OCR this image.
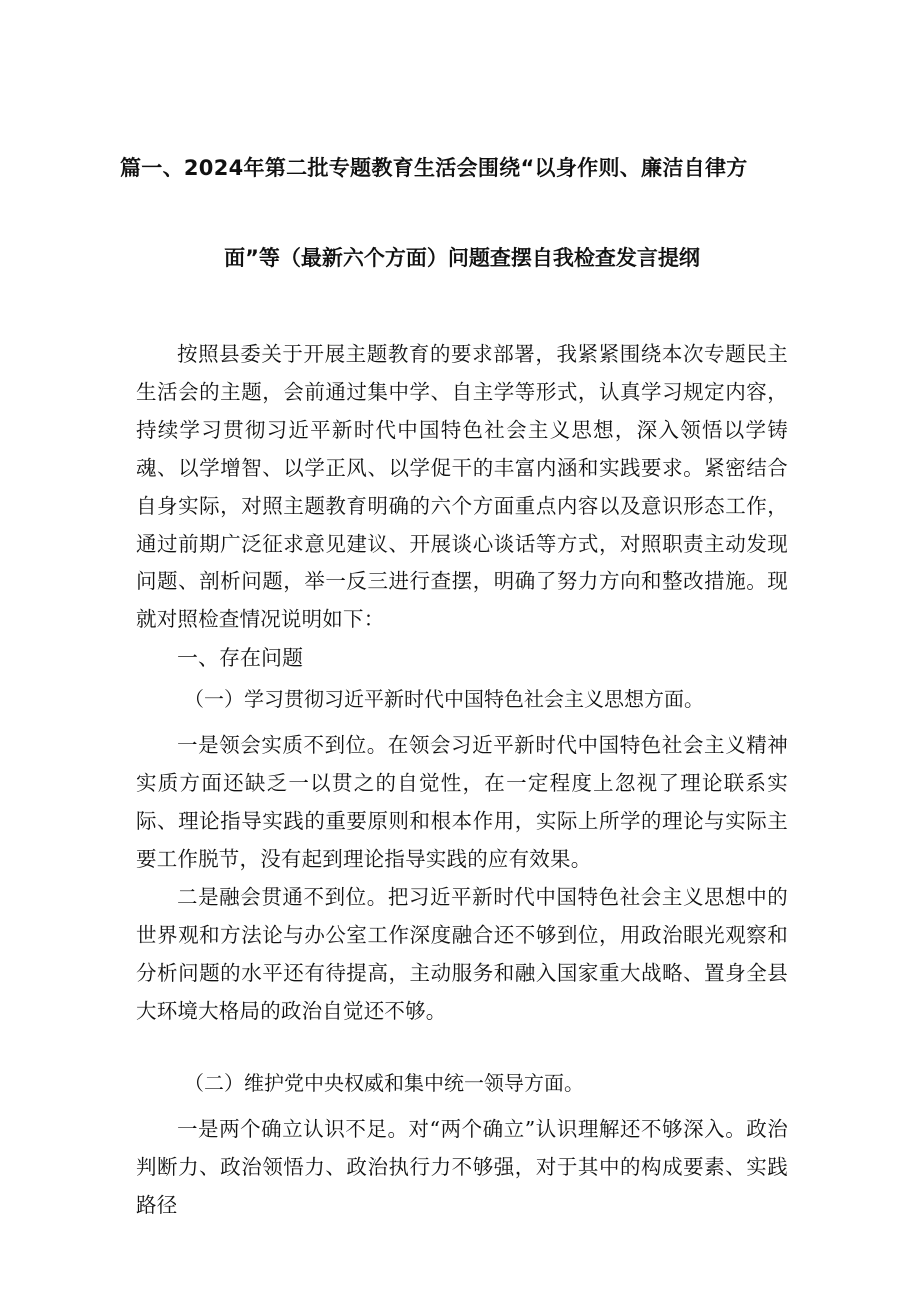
篇一、2024年第二批专题教育生活会围绕“以身作则、廉洁自律方
面”等（最新六个方面）问题查摆自我检查发言提纲

按照县委关于开展主题教育的要求部署，我紧紧围绕本次专题民主生活会的主题，会前通过集中学、自主学等形式，认真学习规定内容，持续学习贯彻习近平新时代中国特色社会主义思想，深入领悟以学铸魂、以学增智、以学正风、以学促干的丰富内涵和实践要求。紧密结合自身实际，对照主题教育明确的六个方面重点内容以及意识形态工作，通过前期广泛征求意见建议、开展谈心谈话等方式，对照职责主动发现问题、剖析问题，举一反三进行查摆，明确了努力方向和整改措施。现就对照检查情况说明如下：

一、存在问题
（一）学习贯彻习近平新时代中国特色社会主义思想方面。

一是领会实质不到位。在领会习近平新时代中国特色社会主义精神实质方面还缺乏一以贯之的自觉性，在一定程度上忽视了理论联系实际、理论指导实践的重要原则和根本作用，实际上所学的理论与实际主要工作脱节，没有起到理论指导实践的应有效果。

二是融会贯通不到位。把习近平新时代中国特色社会主义思想中的世界观和方法论与办公室工作深度融合还不够到位，用政治眼光观察和分析问题的水平还有待提高，主动服务和融入国家重大战略、置身全县大环境大格局的政治自觉还不够。

（二）维护党中央权威和集中统一领导方面。

一是两个确立认识不足。对“两个确立”认识理解还不够深入。政治判断力、政治领悟力、政治执行力不够强，对于其中的构成要素、实践路径
